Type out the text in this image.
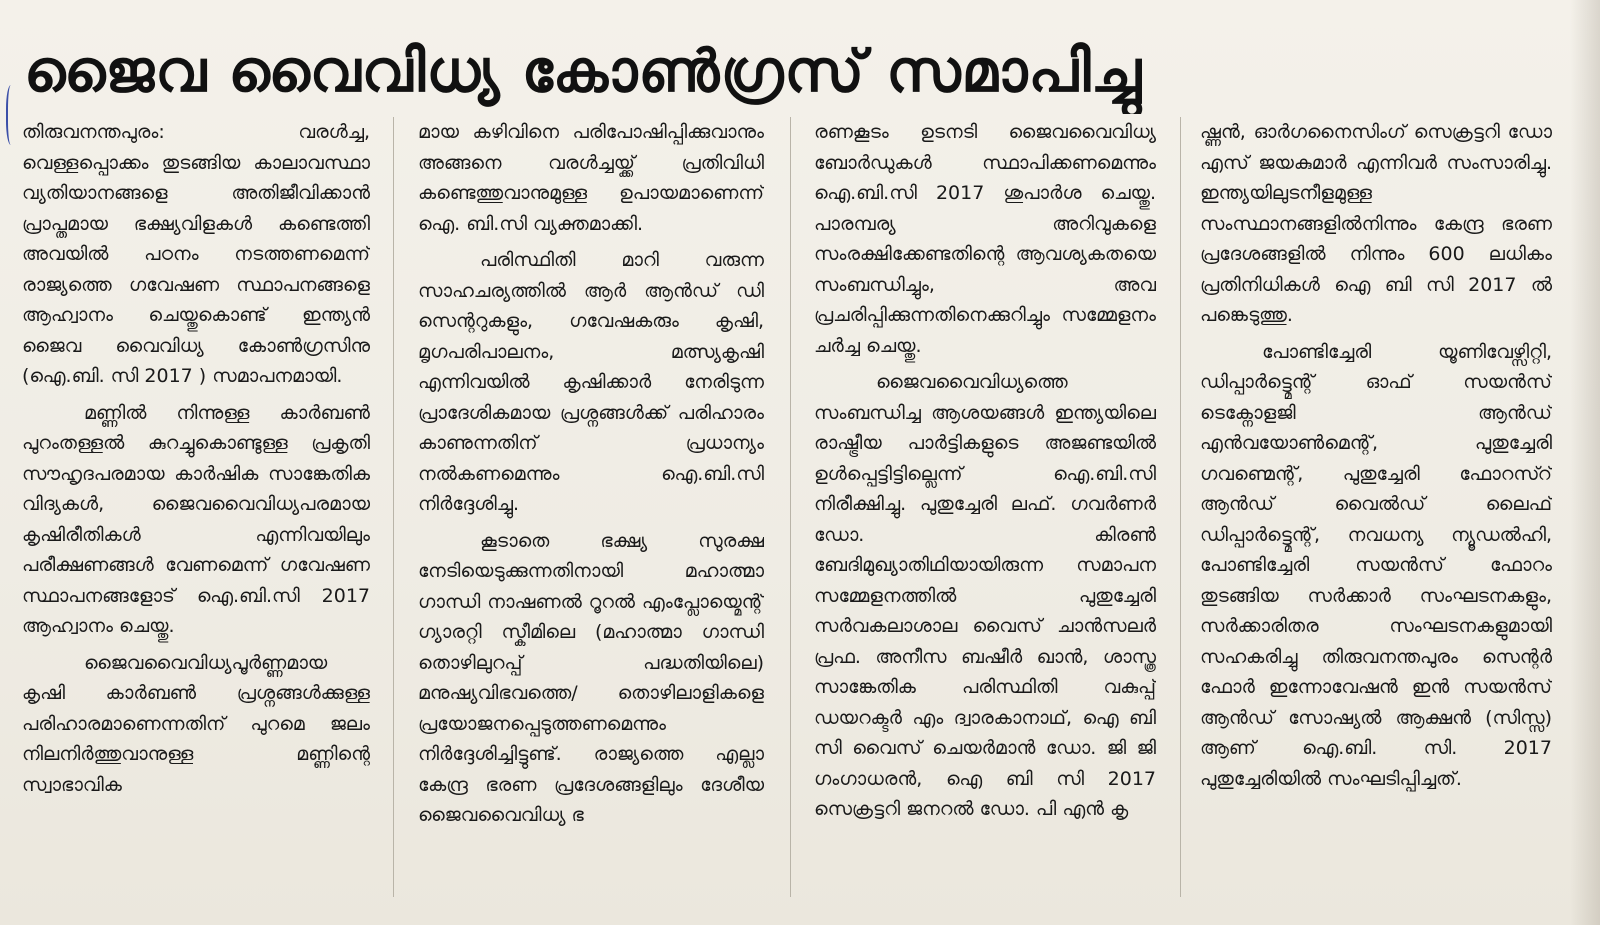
ജൈവ വൈവിധ്യ കോൺഗ്രസ് സമാപിച്ചു

തിരുവനന്തപുരം: വരൾച്ച, വെള്ളപ്പൊക്കം തുടങ്ങിയ കാലാവസ്ഥാ വ്യതിയാനങ്ങളെ അതിജീവിക്കാൻ പ്രാപ്തമായ ഭക്ഷ്യവിളകൾ കണ്ടെത്തി അവയിൽ പഠനം നടത്തണമെന്ന് രാജ്യത്തെ ഗവേഷണ സ്ഥാപനങ്ങളെ ആഹ്വാനം ചെയ്തുകൊണ്ട് ഇന്ത്യൻ ജൈവ വൈവിധ്യ കോൺഗ്രസിനു (ഐ.ബി. സി 2017 ) സമാപനമായി.

മണ്ണിൽ നിന്നുള്ള കാർബൺ പുറംതള്ളൽ കുറച്ചുകൊണ്ടുള്ള പ്രകൃതി സൗഹൃദപരമായ കാർഷിക സാങ്കേതിക വിദ്യകൾ, ജൈവവൈവിധ്യപരമായ കൃഷിരീതികൾ എന്നിവയിലും പരീക്ഷണങ്ങൾ വേണമെന്ന് ഗവേഷണ സ്ഥാപനങ്ങളോട് ഐ.ബി.സി 2017 ആഹ്വാനം ചെയ്തു.

ജൈവവൈവിധ്യപൂർണ്ണമായ കൃഷി കാർബൺ പ്രശ്നങ്ങൾക്കുള്ള പരിഹാരമാണെന്നതിന് പുറമെ ജലം നിലനിർത്തുവാനുള്ള മണ്ണിന്റെ സ്വാഭാവിക

മായ കഴിവിനെ പരിപോഷിപ്പിക്കുവാനും അങ്ങനെ വരൾച്ചയ്ക്ക് പ്രതിവിധി കണ്ടെത്തുവാനുമുള്ള ഉപായമാണെന്ന് ഐ. ബി.സി വ്യക്തമാക്കി.

പരിസ്ഥിതി മാറി വരുന്ന സാഹചര്യത്തിൽ ആർ ആൻഡ് ഡി സെന്ററുകളും, ഗവേഷകരും കൃഷി, മൃഗപരിപാലനം, മത്സ്യകൃഷി എന്നിവയിൽ കൃഷിക്കാർ നേരിടുന്ന പ്രാദേശികമായ പ്രശ്നങ്ങൾക്ക് പരിഹാരം കാണുന്നതിന് പ്രധാന്യം നൽകണമെന്നും ഐ.ബി.സി നിർദ്ദേശിച്ചു.

കൂടാതെ ഭക്ഷ്യ സുരക്ഷ നേടിയെടുക്കുന്നതിനായി മഹാത്മാ ഗാന്ധി നാഷണൽ റൂറൽ എംപ്ലോയ്മെന്റ് ഗ്യാരറ്റി സ്കീമിലെ (മഹാത്മാ ഗാന്ധി തൊഴിലുറപ്പ് പദ്ധതിയിലെ) മനുഷ്യവിഭവത്തെ/ തൊഴിലാളികളെ പ്രയോജനപ്പെടുത്തണമെന്നും നിർദ്ദേശിച്ചിട്ടുണ്ട്. രാജ്യത്തെ എല്ലാ കേന്ദ്ര ഭരണ പ്രദേശങ്ങളിലും ദേശീയ ജൈവവൈവിധ്യ ഭ

രണകൂടം ഉടനടി ജൈവവൈവിധ്യ ബോർഡുകൾ സ്ഥാപിക്കണമെന്നും ഐ.ബി.സി 2017 ശുപാർശ ചെയ്തു. പാരമ്പര്യ അറിവുകളെ സംരക്ഷിക്കേണ്ടതിന്റെ ആവശ്യകതയെ സംബന്ധിച്ചും, അവ പ്രചരിപ്പിക്കുന്നതിനെക്കുറിച്ചും സമ്മേളനം ചർച്ച ചെയ്തു.

ജൈവവൈവിധ്യത്തെ സംബന്ധിച്ച ആശയങ്ങൾ ഇന്ത്യയിലെ രാഷ്ട്രീയ പാർട്ടികളുടെ അജണ്ടയിൽ ഉൾപ്പെട്ടിട്ടില്ലെന്ന് ഐ.ബി.സി നിരീക്ഷിച്ചു. പുതുച്ചേരി ലഫ്. ഗവർണർ ഡോ. കിരൺ ബേദിമുഖ്യാതിഥിയായിരുന്ന സമാപന സമ്മേളനത്തിൽ പുതുച്ചേരി സർവകലാശാല വൈസ് ചാൻസലർ പ്രഫ. അനീസ ബഷീർ ഖാൻ, ശാസ്ത്ര സാങ്കേതിക പരിസ്ഥിതി വകുപ്പ് ഡയറക്ടർ എം ദ്വാരകാനാഥ്, ഐ ബി സി വൈസ് ചെയർമാൻ ഡോ. ജി ജി ഗംഗാധരൻ, ഐ ബി സി 2017 സെക്രട്ടറി ജനറൽ ഡോ. പി എൻ കൃ

ഷ്ണൻ, ഓർഗനൈസിംഗ് സെക്രട്ടറി ഡോ എസ് ജയകുമാർ എന്നിവർ സംസാരിച്ചു. ഇന്ത്യയിലുടനീളമുള്ള സംസ്ഥാനങ്ങളിൽനിന്നും കേന്ദ്ര ഭരണ പ്രദേശങ്ങളിൽ നിന്നും 600 ലധികം പ്രതിനിധികൾ ഐ ബി സി 2017 ൽ പങ്കെടുത്തു.

പോണ്ടിച്ചേരി യൂണിവേഴ്സിറ്റി, ഡിപ്പാർട്ട്മെന്റ് ഓഫ് സയൻസ് ടെക്നോളജി ആൻഡ് എൻവയോൺമെന്റ്, പുതുച്ചേരി ഗവണ്മെന്റ്, പുതുച്ചേരി ഫോറസ്റ് ആൻഡ് വൈൽഡ് ലൈഫ് ഡിപ്പാർട്ട്മെന്റ്, നവധന്യ ന്യൂഡൽഹി, പോണ്ടിച്ചേരി സയൻസ് ഫോറം തുടങ്ങിയ സർക്കാർ സംഘടനകളും, സർക്കാരിതര സംഘടനകളുമായി സഹകരിച്ചു തിരുവനന്തപുരം സെന്റർ ഫോർ ഇന്നോവേഷൻ ഇൻ സയൻസ് ആൻഡ് സോഷ്യൽ ആക്ഷൻ (സിസ്സ) ആണ് ഐ.ബി. സി. 2017 പുതുച്ചേരിയിൽ സംഘടിപ്പിച്ചത്.
